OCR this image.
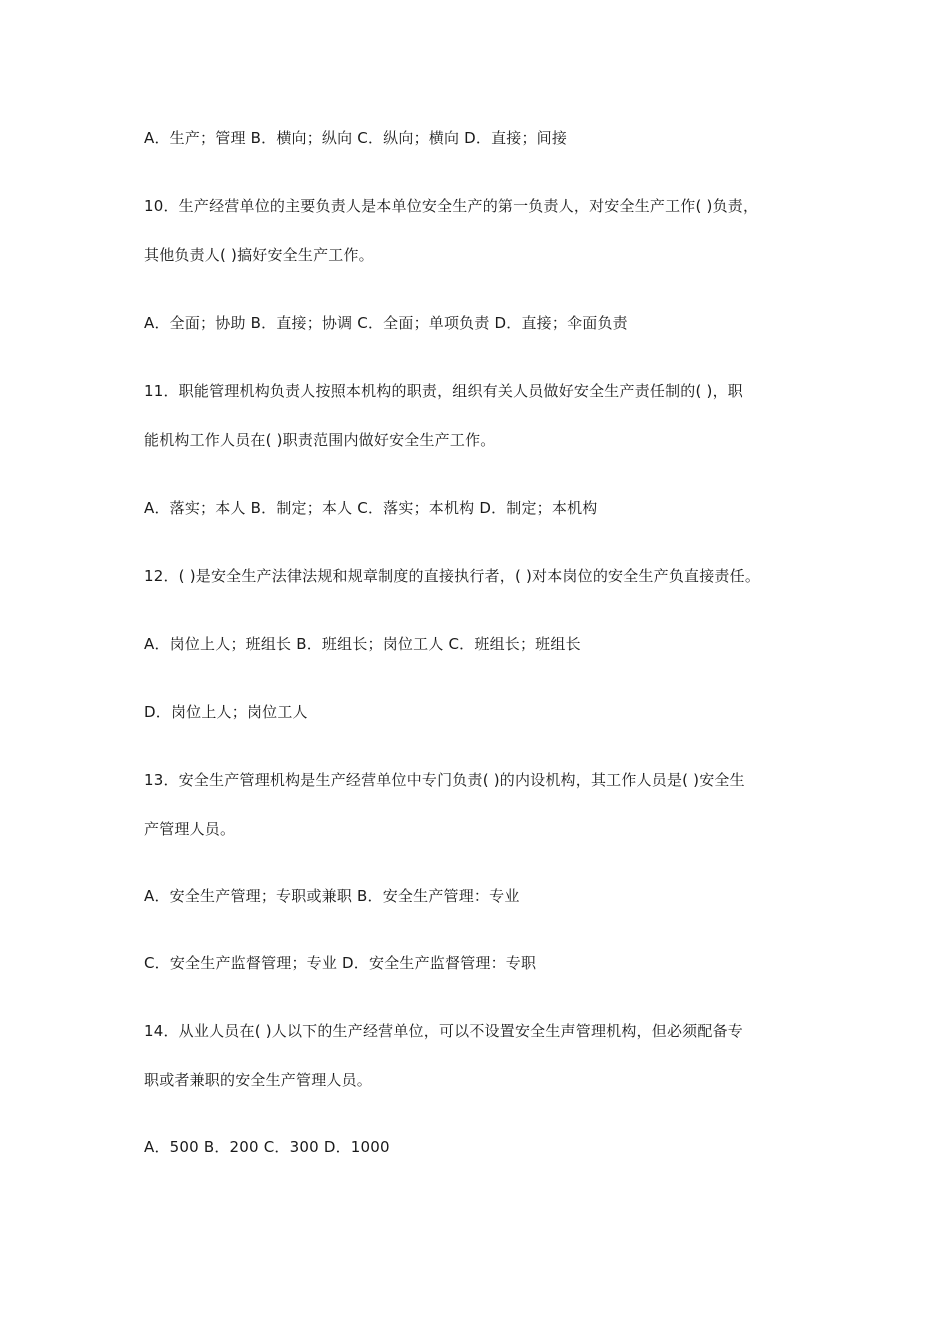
A．生产；管理 B．横向；纵向 C．纵向；横向 D．直接；间接
10．生产经营单位的主要负责人是本单位安全生产的第一负责人，对安全生产工作( )负责，
其他负责人( )搞好安全生产工作。
A．全面；协助 B．直接；协调 C．全面；单项负责 D．直接；伞面负责
11．职能管理机构负责人按照本机构的职责，组织有关人员做好安全生产责任制的( )，职
能机构工作人员在( )职责范围内做好安全生产工作。
A．落实；本人 B．制定；本人 C．落实；本机构 D．制定；本机构
12．( )是安全生产法律法规和规章制度的直接执行者，( )对本岗位的安全生产负直接责任。
A．岗位上人；班组长 B．班组长；岗位工人 C．班组长；班组长
D．岗位上人；岗位工人
13．安全生产管理机构是生产经营单位中专门负责( )的内设机构，其工作人员是( )安全生
产管理人员。
A．安全生产管理；专职或兼职 B．安全生产管理：专业
C．安全生产监督管理；专业 D．安全生产监督管理：专职
14．从业人员在( )人以下的生产经营单位，可以不设置安全生声管理机构，但必须配备专
职或者兼职的安全生产管理人员。
A．500 B．200 C．300 D．1000
